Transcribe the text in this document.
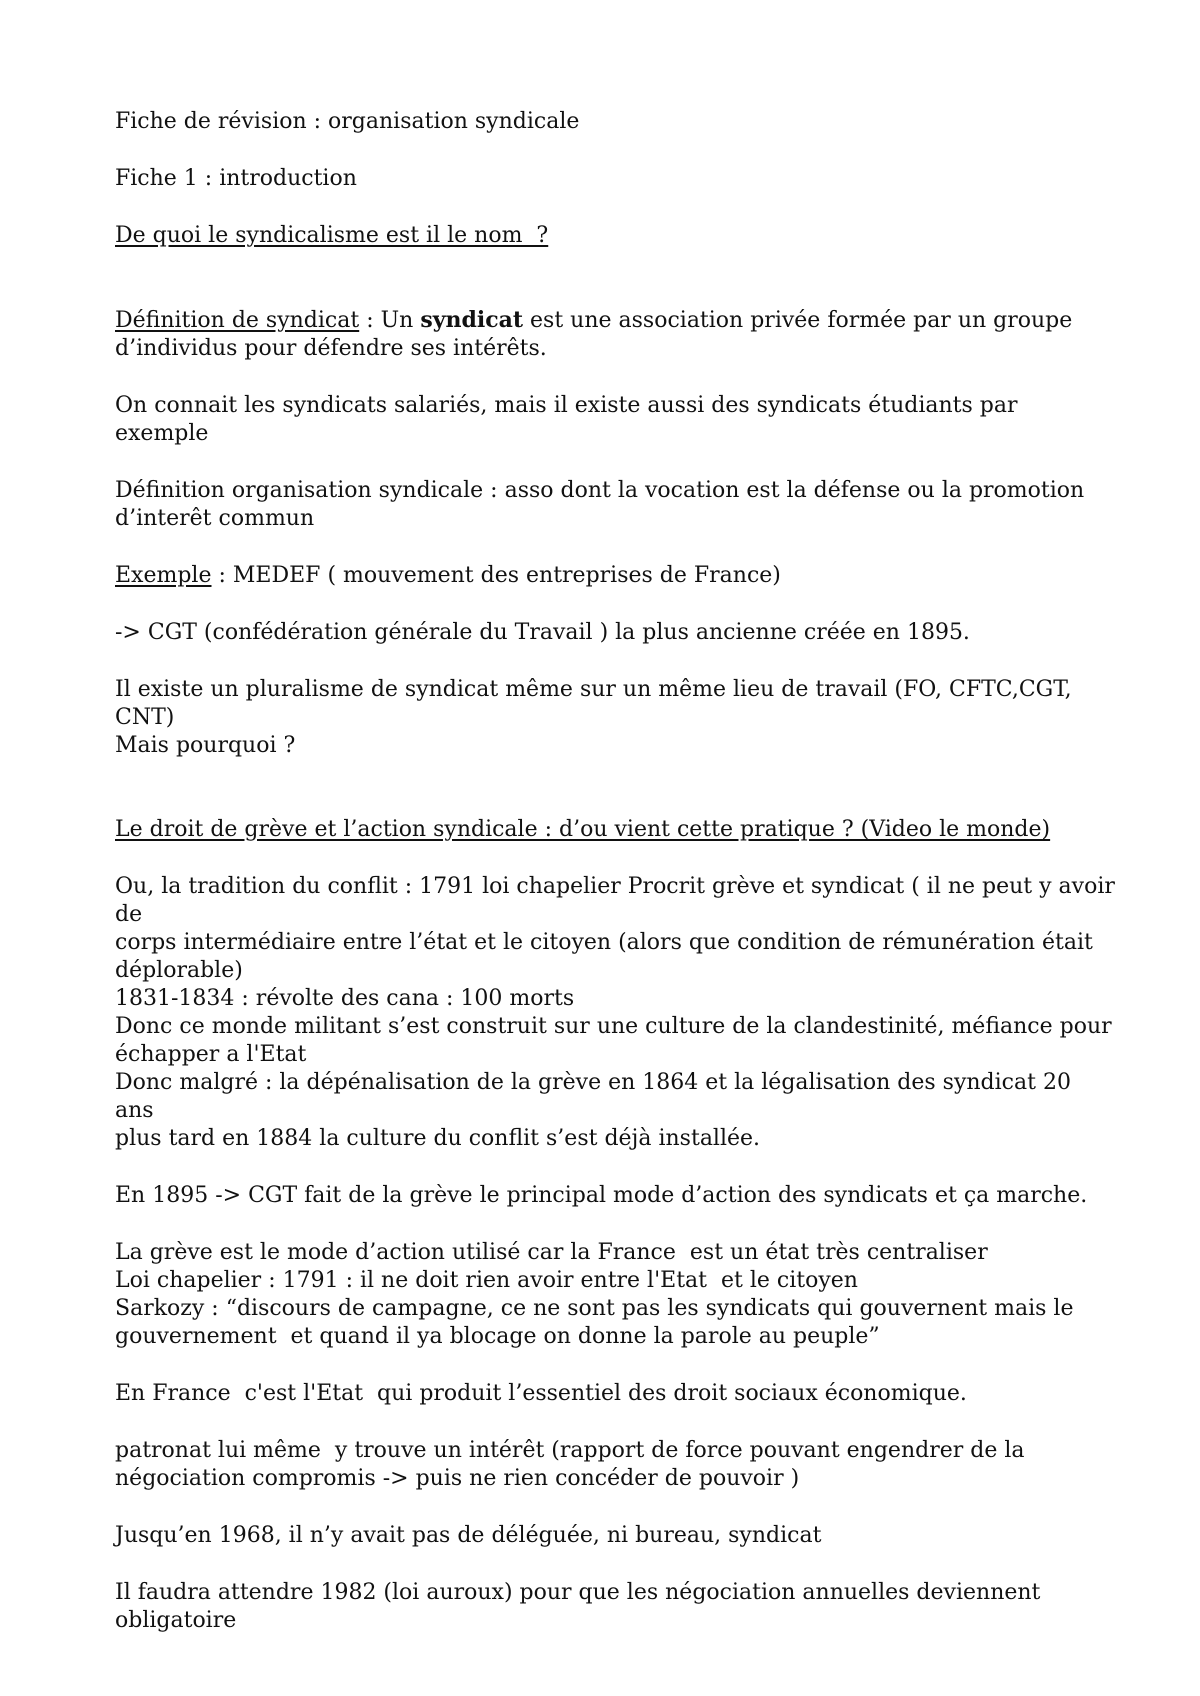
Fiche de révision : organisation syndicale

Fiche 1 : introduction

De quoi le syndicalisme est il le nom  ?

Définition de syndicat : Un syndicat est une association privée formée par un groupe

d’individus pour défendre ses intérêts.

On connait les syndicats salariés, mais il existe aussi des syndicats étudiants par exemple

Définition organisation syndicale : asso dont la vocation est la défense ou la promotion

d’interêt commun

Exemple : MEDEF ( mouvement des entreprises de France)

-> CGT (confédération générale du Travail ) la plus ancienne créée en 1895.

Il existe un pluralisme de syndicat même sur un même lieu de travail (FO, CFTC,CGT,

CNT)

Mais pourquoi ?

Le droit de grève et l’action syndicale : d’ou vient cette pratique ? (Video le monde)

Ou, la tradition du conflit : 1791 loi chapelier Procrit grève et syndicat ( il ne peut y avoir de

corps intermédiaire entre l’état et le citoyen (alors que condition de rémunération était

déplorable)

1831-1834 : révolte des cana : 100 morts

Donc ce monde militant s’est construit sur une culture de la clandestinité, méfiance pour

échapper a l'Etat

Donc malgré : la dépénalisation de la grève en 1864 et la légalisation des syndicat 20 ans

plus tard en 1884 la culture du conflit s’est déjà installée.

En 1895 -> CGT fait de la grève le principal mode d’action des syndicats et ça marche.

La grève est le mode d’action utilisé car la France  est un état très centraliser

Loi chapelier : 1791 : il ne doit rien avoir entre l'Etat  et le citoyen

Sarkozy : “discours de campagne, ce ne sont pas les syndicats qui gouvernent mais le

gouvernement  et quand il ya blocage on donne la parole au peuple”

En France  c'est l'Etat  qui produit l’essentiel des droit sociaux économique.

patronat lui même  y trouve un intérêt (rapport de force pouvant engendrer de la

négociation compromis -> puis ne rien concéder de pouvoir )

Jusqu’en 1968, il n’y avait pas de déléguée, ni bureau, syndicat

Il faudra attendre 1982 (loi auroux) pour que les négociation annuelles deviennent

obligatoire
